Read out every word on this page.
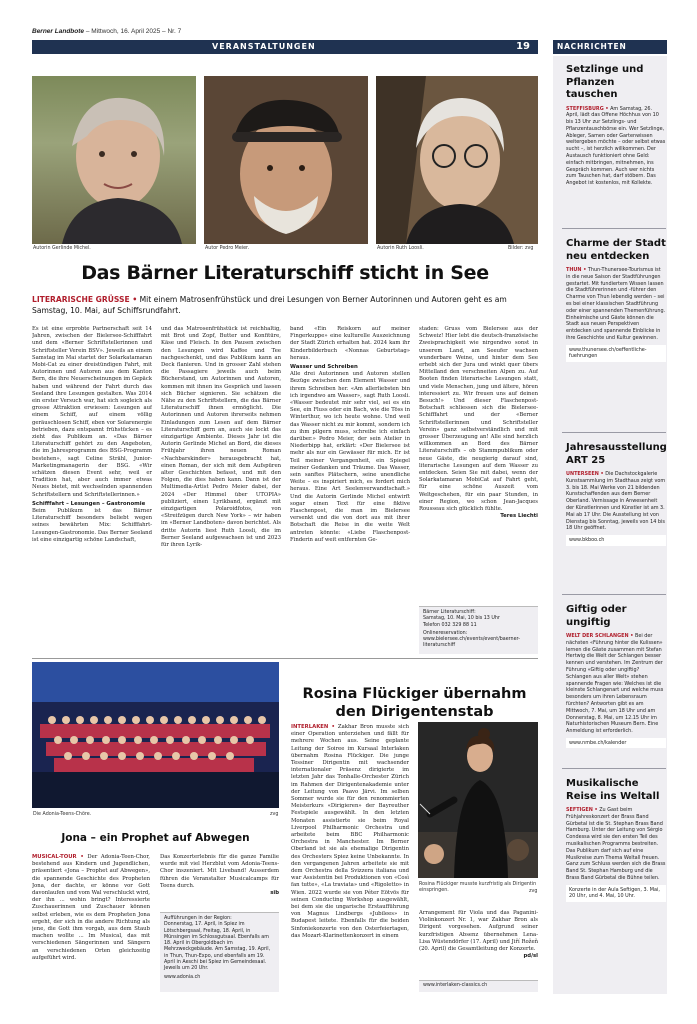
Berner Landbote – Mittwoch, 16. April 2025 – Nr. 7
VERANSTALTUNGEN	19	NACHRICHTEN
Autorin Gerlinde Michel.	Autor Pedro Meier.	Autorin Ruth Loosli.	Bilder: zvg
Das Bärner Literaturschiff sticht in See
LITERARISCHE GRÜSSE • Mit einem Matrosenfrühstück und drei Lesungen von Berner Autorinnen und Autoren geht es am Samstag, 10. Mai, auf Schiffsrundfahrt.

Es ist eine erprobte Partnerschaft seit 14 Jahren, zwischen der Bielersee-Schifffahrt und dem «Berner Schriftstellerinnen und Schriftsteller Verein BSV». Jeweils an einem Samstag im Mai startet der Solarkatamaran Mobi-Cat zu einer dreistündigen Fahrt, mit Autorinnen und Autoren aus dem Kanton Bern, die ihre Neuerscheinungen im Gepäck haben und während der Fahrt durch das Seeland ihre Lesungen gestalten. Was 2014 ein erster Versuch war, hat sich sogleich als grosse Attraktion erwiesen: Lesungen auf einem Schiff, auf einem völlig geräuschlosen Schiff, eben vor Solarenergie betrieben, dazu entspannt frühstücken – es zieht das Publikum an. «Das Bärner Literaturschiff gehört zu den Angeboten, die im Jahresprogramm des BSG-Programm bestehen», sagt Celine Strähl, Junior-Marketingmanagerin der BSG. «Wir schätzen diesen Event sehr, weil er Tradition hat, aber auch immer etwas Neues bietet, mit wechselnden spannenden Schriftstellern und Schriftstellerinnen.»

Schifffahrt – Lesungen – Gastronomie

Beim Publikum ist das Bärner Literaturschiff besonders beliebt wegen seines bewährten Mix: Schifffahrt-Lesungen-Gastronomie. Das Berner Seeland ist eine einzigartig schöne Landschaft,

und das Matrosenfrühstück ist reichhaltig, mit Brot und Zopf, Butter und Konfitüre, Käse und Fleisch. In den Pausen zwischen den Lesungen wird Kaffee und Tee nachgeschenkt, und das Publikum kann an Deck flanieren. Und in grosser Zahl stehen die Passagiere jeweils auch beim Bücherstand, um Autorinnen und Autoren, kommen mit ihnen ins Gespräch und lassen sich Bücher signieren. Sie schätzen die Nähe zu den Schriftstellern, die das Bärner Literaturschiff ihnen ermöglicht. Die Autorinnen und Autoren ihrerseits nehmen Einladungen zum Lesen auf dem Bärner Literaturschiff gern an, auch sie lockt das einzigartige Ambiente. Dieses Jahr ist die Autorin Gerlinde Michel an Bord, die dieses Frühjahr ihren neuen Roman «Nachbarskinder» herausgebracht hat, einen Roman, der sich mit dem Aufspüren alter Geschichten befasst, und mit den Folgen, die dies haben kann. Dann ist der Multimedia-Artist Pedro Meier dabei, der 2024 «Der Himmel über UTOPIA» publiziert, einen Lyrikband, ergänzt mit einzigartigen Polaroidfotos, von «Streifzügen durch New York» – wir haben im «Berner Landboten» davon berichtet. Als dritte Autorin liest Ruth Loosli, die im Berner Seeland aufgewachsen ist und 2023 für ihren Lyrik-

band «Ein Reiskorn auf meiner Fingerkuppe» eine kulturelle Auszeichnung der Stadt Zürich erhalten hat. 2024 kam ihr Kinderbilderbuch «Nonnas Geburtstag» heraus.

Wasser und Schreiben

Alle drei Autorinnen und Autoren stellen Bezüge zwischen dem Element Wasser und ihrem Schreiben her. «Am allerliebsten bin ich irgendwo am Wasser», sagt Ruth Loosli. «Wasser bedeutet mir sehr viel, sei es ein See, ein Fluss oder ein Bach, wie die Töss in Winterthur, wo ich heute wohne. Und weil das Wasser nicht zu mir kommt, sondern ich zu ihm pilgern muss, schreibe ich einfach darüber.» Pedro Meier, der sein Atelier in Niederbipp hat, erklärt: «Der Bielersee ist mehr als nur ein Gewässer für mich. Er ist Teil meiner Vergangenheit, ein Spiegel meiner Gedanken und Träume. Das Wasser, sein sanftes Plätschern, seine unendliche Weite – es inspiriert mich, es fordert mich heraus. Eine Art Seelenverwandtschaft.» Und die Autorin Gerlinde Michel entwirft sogar einen Text für eine fiktive Flaschenpost, die man im Bielersee versenkt und die von dort aus mit ihrer Botschaft die Reise in die weite Welt antreten könnte: «Liebe Flaschenpost-Finderin auf weit entfernten Ge-

staden: Gruss vom Bielersee aus der Schweiz! Hier lebt die deutsch-französische Zweisprachigkeit wie nirgendwo sonst in unserem Land, am Seeufer wachsen wunderbare Weine, und hinter dem See erhebt sich der Jura und winkt quer übers Mittelland den verschneiten Alpen zu. Auf Booten finden literarische Lesungen statt, und viele Menschen, jung und ältere, hören interessiert zu. Wir freuen uns auf deinen Besuch!» Und dieser Flaschenpost-Botschaft schliessen sich die Bielersee-Schifffahrt und der «Berner Schriftstellerinnen und Schriftsteller Verein» ganz selbstverständlich und mit grosser Überzeugung an! Alle sind herzlich willkommen an Bord des Bärner Literaturschiffs – ob Stammpublikum oder neue Gäste, die neugierig darauf sind, literarische Lesungen auf dem Wasser zu entdecken. Seien Sie mit dabei, wenn der Solarkatamaran MobiCat auf Fahrt geht, für eine schöne Auszeit vom Weltgeschehen, für ein paar Stunden, in einer Region, wo schon Jean-Jacques Rousseau sich glücklich fühlte.

Teres Liechti
Bärner Literaturschiff:
Samstag, 10. Mai, 10 bis 13 Uhr
Telefon 032 329 88 11
Onlinereservation: www.bielersee.ch/events/event/baerner-literaturschiff
Die Adonia-Teens-Chöre.	zvg
Jona – ein Prophet auf Abwegen

MUSICAL-TOUR • Der Adonia-Teen-Chor, bestehend aus Kindern und Jugendlichen, präsentiert «Jona – Prophet auf Abwegen», die spannende Geschichte des Propheten Jona, der dachte, er könne vor Gott davonlaufen und vom Wal verschluckt wird, der ihn ... wohin bringt? Interessierte Zuschauerinnen und Zuschauer können selbst erleben, wie es dem Propheten Jona ergeht, der sich in die andere Richtung als jene, die Gott ihm vorgab, aus dem Staub machen wollte ... Im Musical, das mit verschiedenen Sängerinnen und Sängern an verschiedenen Orten gleichzeitig aufgeführt wird.

Das Konzerterlebnis für die ganze Familie wurde mit viel Herzblut vom Adonia-Teens-Chor inszeniert. Mit Liveband! Ausserdem führen die Veranstalter Musicalcamps für Teens durch.

sib
Aufführungen in der Region:
Donnerstag, 17. April, in Spiez im Lötschbergsaal, Freitag, 18. April, in Münsingen im Schlossgutsaal. Ebenfalls am 18. April in Obergoldbach im Mehrzweckgebäude. Am Samstag, 19. April, in Thun, Thun-Expo, und ebenfalls am 19. April in Aeschi bei Spiez im Gemeindesaal. Jeweils um 20 Uhr.
www.adonia.ch
Rosina Flückiger übernahm
den Dirigentenstab

INTERLAKEN • Zakhar Bron musste sich einer Operation unterziehen und fällt für mehrere Wochen aus. Seine geplante Leitung der Soiree im Kursaal Interlaken übernahm Rosina Flückiger. Die junge Tessiner Dirigentin mit wachsender internationaler Präsenz dirigierte im letzten Jahr das Tonhalle-Orchester Zürich im Rahmen der Dirigentenakademie unter der Leitung von Paavo Järvi. Im selben Sommer wurde sie für den renommierten Meisterkurs «Dirigieren» der Bayreuther Festspiele ausgewählt. In den letzten Monaten assistierte sie beim Royal Liverpool Philharmonic Orchestra und arbeitete beim BBC Philharmonic Orchestra in Manchester. Im Berner Oberland ist sie als ehemalige Dirigentin des Orchesters Spiez keine Unbekannte. In den vergangenen Jahren arbeitete sie mit dem Orchestra della Svizzera italiana und war Assistentin bei Produktionen von «Così fan tutte», «La traviata» und «Rigoletto» in Wien. 2022 wurde sie von Péter Eötvös für seinen Conducting Workshop ausgewählt, bei dem sie die ungarische Erstaufführung von Magnus Lindbergs «Jubilees» in Budapest leitete. Ebenfalls für die beiden Sinfoniekonzerte von den Osterfeiertagen, das Mozart-Klarinettenkonzert in einem

Rosina Flückiger musste kurzfristig als Dirigentin einspringen.	zvg

Arrangement für Viola und das Paganini-Violinkonzert Nr. 1, war Zakhar Bron als Dirigent vorgesehen. Aufgrund seiner kurzfristigen Absenz übernehmen Lena-Lisa Wüstendörfer (17. April) und Jiří Rožeň (20. April) die Gesamtleitung der Konzerte.

pd/sl
www.interlaken-classics.ch
Setzlinge und Pflanzen tauschen
STEFFISBURG • Am Samstag, 26. April, lädt das Offene Höchhus von 10 bis 13 Uhr zur Setzlings- und Pflanzentauschbörse ein. Wer Setzlinge, Ableger, Samen oder Gartenwissen weitergeben möchte – oder selbst etwas sucht –, ist herzlich willkommen. Der Austausch funktioniert ohne Geld: einfach mitbringen, mitnehmen, ins Gespräch kommen. Auch wer nichts zum Tauschen hat, darf stöbern. Das Angebot ist kostenlos, mit Kollekte.
Charme der Stadt neu entdecken
THUN • Thun-Thunersee-Tourismus ist in die neue Saison der Stadtführungen gestartet. Mit fundiertem Wissen lassen die Stadtführerinnen und -führer den Charme von Thun lebendig werden – sei es bei einer klassischen Stadtführung oder einer spannenden Themenführung. Einheimische und Gäste können die Stadt aus neuen Perspektiven entdecken und spannende Einblicke in ihre Geschichte und Kultur gewinnen.
www.thunersee.ch/oeffentliche-fuehrungen
Jahresausstellung ART 25
UNTERSEEN • Die Dachstockgalerie Kunstsammlung im Stadthaus zeigt vom 3. bis 18. Mai Werke von 21 bildenden Kunstschaffenden aus dem Berner Oberland. Vernissage in Anwesenheit der Künstlerinnen und Künstler ist am 3. Mai ab 17 Uhr. Die Ausstellung ist von Dienstag bis Sonntag, jeweils von 14 bis 18 Uhr geöffnet.
www.bkboo.ch
Giftig oder ungiftig
WELT DER SCHLANGEN • Bei der nächsten «Führung hinter die Kulissen» lernen die Gäste zusammen mit Stefan Hertwig die Welt der Schlangen besser kennen und verstehen. Im Zentrum der Führung «Giftig oder ungiftig? Schlangen aus aller Welt» stehen spannende Fragen wie: Welches ist die kleinste Schlangenart und welche muss besonders um ihren Lebensraum fürchten? Antworten gibt es am Mittwoch, 7. Mai, um 18 Uhr und am Donnerstag, 8. Mai, um 12.15 Uhr im Naturhistorischen Museum Bern. Eine Anmeldung ist erforderlich.
www.nmbe.ch/kalender
Musikalische Reise ins Weltall
SEFTIGEN • Zu Gast beim Frühjahreskonzert der Brass Band Gürbetal ist die St. Stephan Brass Band Hamburg. Unter der Leitung von Sérgio Condessa wird sie den ersten Teil des musikalischen Programms bestreiten. Das Publikum darf sich auf eine Musikreise zum Thema Weltall freuen. Ganz zum Schluss werden sich die Brass Band St. Stephan Hamburg und die Brass Band Gürbetal die Bühne teilen.
Konzerte in der Aula Seftigen, 3. Mai, 20 Uhr, und 4. Mai, 10 Uhr.
